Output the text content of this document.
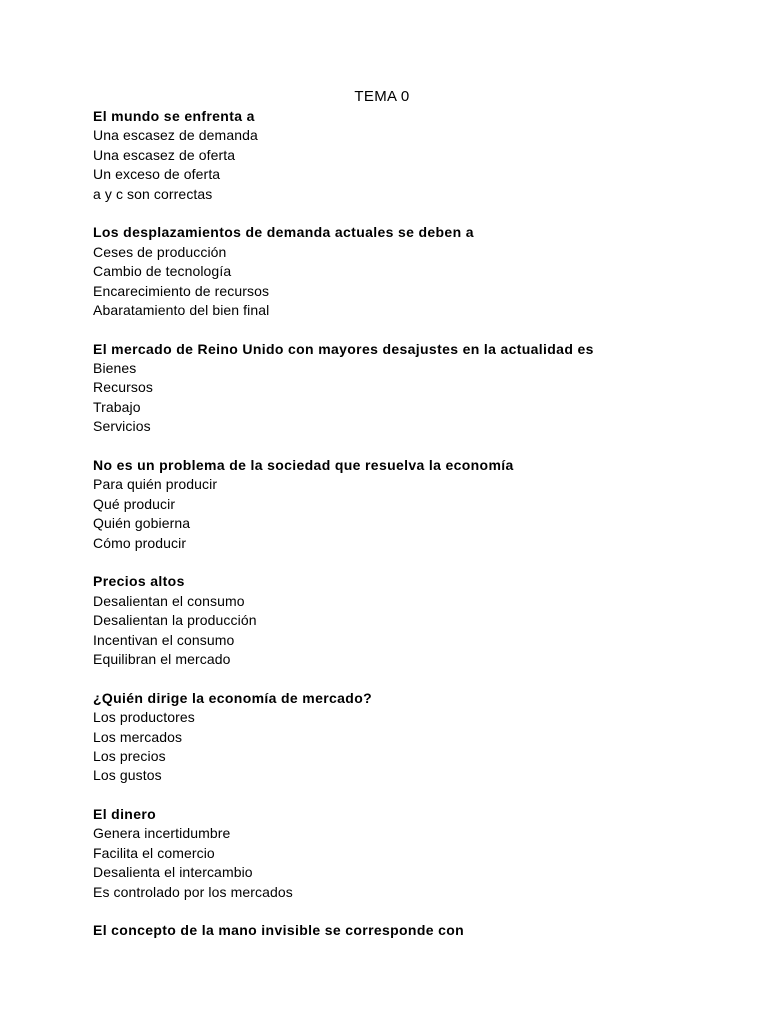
TEMA 0
El mundo se enfrenta a
Una escasez de demanda
Una escasez de oferta
Un exceso de oferta
a y c son correctas
Los desplazamientos de demanda actuales se deben a
Ceses de producción
Cambio de tecnología
Encarecimiento de recursos
Abaratamiento del bien final
El mercado de Reino Unido con mayores desajustes en la actualidad es
Bienes
Recursos
Trabajo
Servicios
No es un problema de la sociedad que resuelva la economía
Para quién producir
Qué producir
Quién gobierna
Cómo producir
Precios altos
Desalientan el consumo
Desalientan la producción
Incentivan el consumo
Equilibran el mercado
¿Quién dirige la economía de mercado?
Los productores
Los mercados
Los precios
Los gustos
El dinero
Genera incertidumbre
Facilita el comercio
Desalienta el intercambio
Es controlado por los mercados
El concepto de la mano invisible se corresponde con
